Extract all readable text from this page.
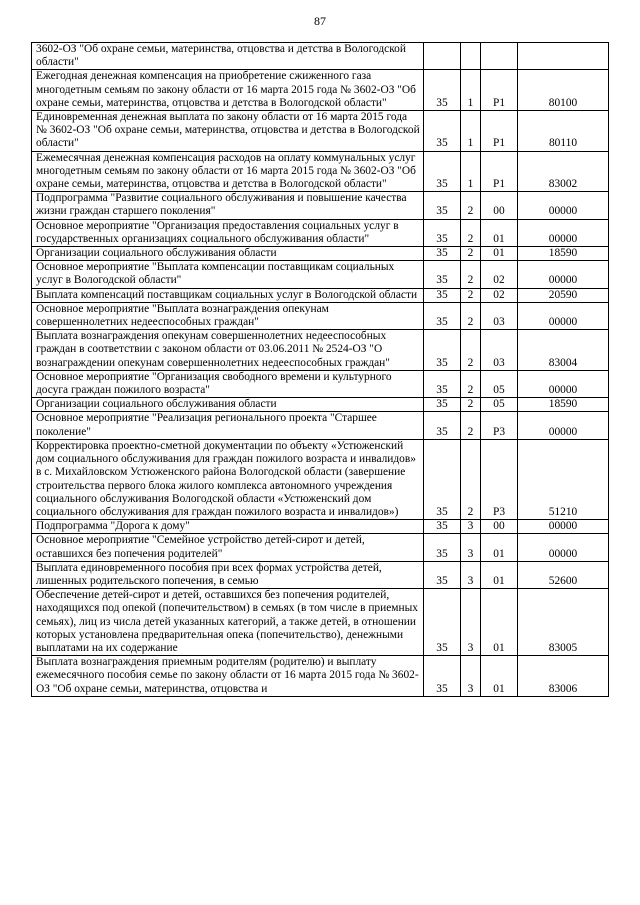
87
3602-ОЗ "Об охране семьи, материнства, отцовства и детства в Вологодской области"				
Ежегодная денежная компенсация на приобретение сжиженного газа многодетным семьям по закону области от 16 марта 2015 года № 3602-ОЗ "Об охране семьи, материнства, отцовства и детства в Вологодской области"	35	1	Р1	80100
Единовременная денежная выплата по закону области от 16 марта 2015 года № 3602-ОЗ "Об охране семьи, материнства, отцовства и детства в Вологодской области"	35	1	Р1	80110
Ежемесячная денежная компенсация расходов на оплату коммунальных услуг многодетным семьям по закону области от 16 марта 2015 года № 3602-ОЗ "Об охране семьи, материнства, отцовства и детства в Вологодской области"	35	1	Р1	83002
Подпрограмма "Развитие социального обслуживания и повышение качества жизни граждан старшего поколения"	35	2	00	00000
Основное мероприятие "Организация предоставления социальных услуг в государственных организациях социального обслуживания области"	35	2	01	00000
Организации социального обслуживания области	35	2	01	18590
Основное мероприятие "Выплата компенсации поставщикам социальных услуг в Вологодской области"	35	2	02	00000
Выплата компенсаций поставщикам социальных услуг в Вологодской области	35	2	02	20590
Основное мероприятие "Выплата вознаграждения опекунам совершеннолетних недееспособных граждан"	35	2	03	00000
Выплата вознаграждения опекунам совершеннолетних недееспособных граждан в соответствии с законом области от 03.06.2011 № 2524-ОЗ "О вознаграждении опекунам совершеннолетних недееспособных граждан"	35	2	03	83004
Основное мероприятие "Организация свободного времени и культурного досуга граждан пожилого возраста"	35	2	05	00000
Организации социального обслуживания области	35	2	05	18590
Основное мероприятие "Реализация регионального проекта "Старшее поколение"	35	2	Р3	00000
Корректировка проектно-сметной документации по объекту «Устюженский дом социального обслуживания для граждан пожилого возраста и инвалидов» в с. Михайловском Устюженского района Вологодской области (завершение строительства первого блока жилого комплекса автономного учреждения социального обслуживания Вологодской области «Устюженский дом социального обслуживания для граждан пожилого возраста и инвалидов»)	35	2	Р3	51210
Подпрограмма "Дорога к дому"	35	3	00	00000
Основное мероприятие "Семейное устройство детей-сирот и детей, оставшихся без попечения родителей"	35	3	01	00000
Выплата единовременного пособия при всех формах устройства детей, лишенных родительского попечения, в семью	35	3	01	52600
Обеспечение детей-сирот и детей, оставшихся без попечения родителей, находящихся под опекой (попечительством) в семьях (в том числе в приемных семьях), лиц из числа детей указанных категорий, а также детей, в отношении которых установлена предварительная опека (попечительство), денежными выплатами на их содержание	35	3	01	83005
Выплата вознаграждения приемным родителям (родителю) и выплату ежемесячного пособия семье по закону области от 16 марта 2015 года № 3602-ОЗ "Об охране семьи, материнства, отцовства и	35	3	01	83006
